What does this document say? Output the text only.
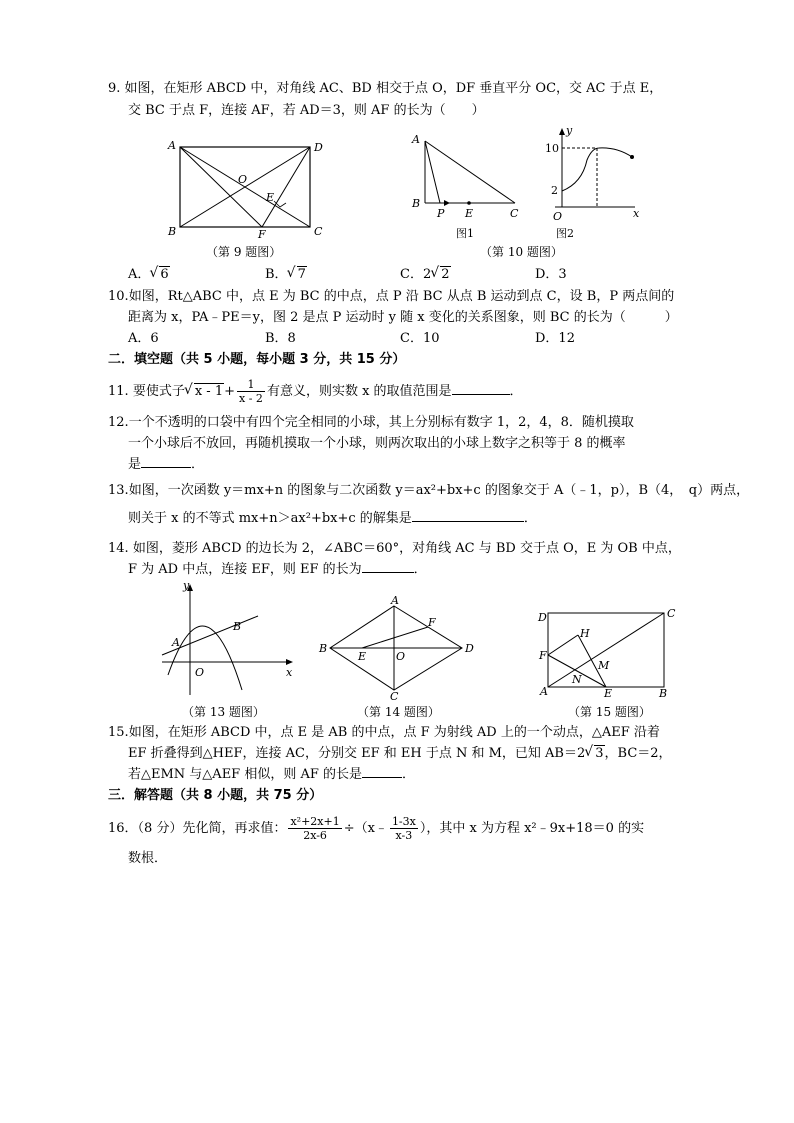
9. 如图，在矩形 ABCD 中，对角线 AC、BD 相交于点 O，DF 垂直平分 OC，交 AC 于点 E，
交 BC 于点 F，连接 AF，若 AD＝3，则 AF 的长为（　　）
A
B	C
D
O
E
F
（第 9 题图）
A
B
P E	C
图1
y
x
O
10
2
图2
（第 10 题图）
A． √ 6	B． √ 7	C．2 √ 2	D．3
10.如图，Rt△ABC 中，点 E 为 BC 的中点，点 P 沿 BC 从点 B 运动到点 C，设 B，P 两点间的
距离为 x，PA﹣PE＝y，图 2 是点 P 运动时 y 随 x 变化的关系图象，则 BC 的长为（　　　）
A．6	B．8	C．10	D．12
二．填空题（共 5 小题，每小题 3 分，共 15 分）
11. 要使式子 √ $x - 1+ \frac{1}{x - 2}$ 有意义，则实数 x 的取值范围是	．
12.一个不透明的口袋中有四个完全相同的小球，其上分别标有数字 1，2，4，8．随机摸取
一个小球后不放回，再随机摸取一个小球，则两次取出的小球上数字之积等于 8 的概率
是	．
13.如图，一次函数 y＝mx+n 的图象与二次函数 y＝ax²+bx+c 的图象交于 A（﹣1，p），B（4，　q）两点，
则关于 x 的不等式 mx+n＞ax²+bx+c 的解集是	．
14. 如图，菱形 ABCD 的边长为 2，∠ABC＝60°，对角线 AC 与 BD 交于点 O，E 为 OB 中点，
F 为 AD 中点，连接 EF，则 EF 的长为	．
y
A
B
O	x
（第 13 题图）
A
B
C
D
E
F
O
（第 14 题图）
D	C
A	B
F
H
M
N
E
（第 15 题图）
15.如图，在矩形 ABCD 中，点 E 是 AB 的中点，点 F 为射线 AD 上的一个动点，△AEF 沿着
EF 折叠得到△HEF，连接 AC，分别交 EF 和 EH 于点 N 和 M，已知 AB＝2 √ 3，BC＝2，
若△EMN 与△AEF 相似，则 AF 的长是	．
三．解答题（共 8 小题，共 75 分）
16．（8 分）先化简，再求值： $\frac{\text{x²+2x+1}}{2x-6}$ ÷（x﹣ $\frac{1-3x}{x-3}$ ），其中 x 为方程 x²﹣9x+18＝0 的实
数根．
